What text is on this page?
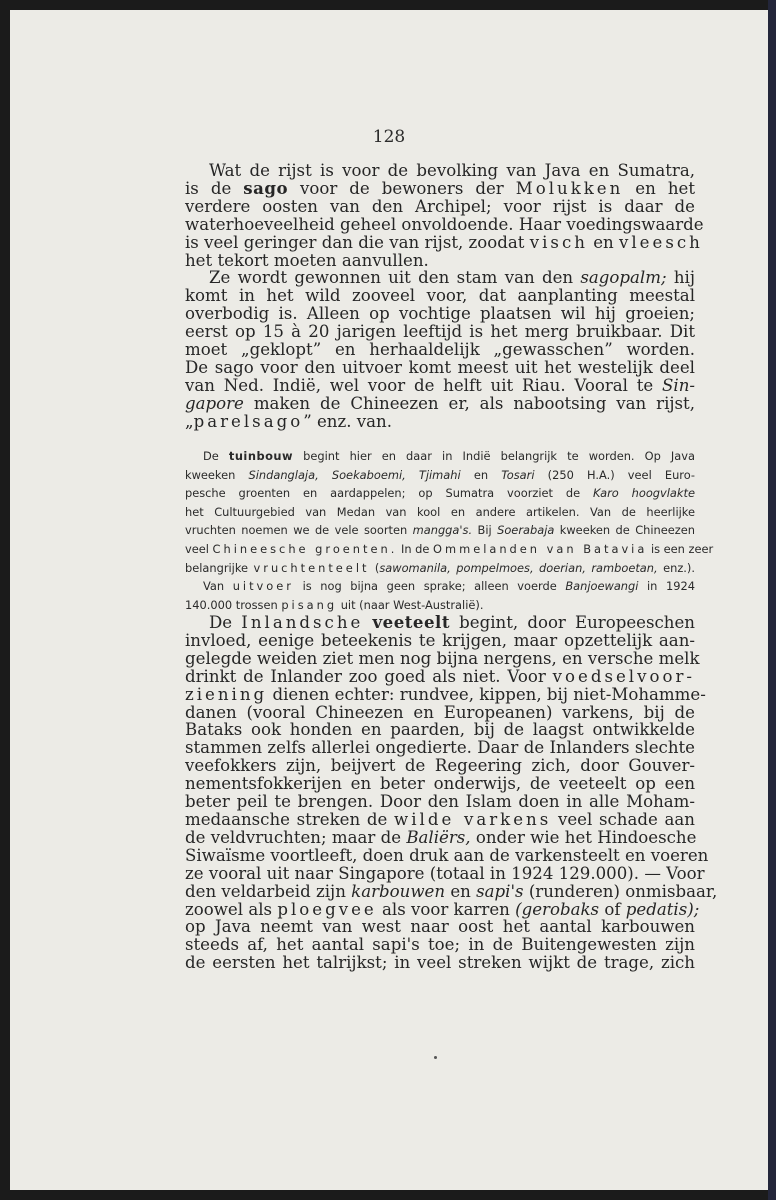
128
Wat de rijst is voor de bevolking van Java en Sumatra,
is de sago voor de bewoners der Molukken en het
verdere oosten van den Archipel; voor rijst is daar de
waterhoeveelheid geheel onvoldoende. Haar voedingswaarde
is veel geringer dan die van rijst, zoodat visch en vleesch
het tekort moeten aanvullen.
Ze wordt gewonnen uit den stam van den sagopalm; hij
komt in het wild zooveel voor, dat aanplanting meestal
overbodig is. Alleen op vochtige plaatsen wil hij groeien;
eerst op 15 à 20 jarigen leeftijd is het merg bruikbaar. Dit
moet „geklopt” en herhaaldelijk „gewasschen” worden.
De sago voor den uitvoer komt meest uit het westelijk deel
van Ned. Indië, wel voor de helft uit Riau. Vooral te Sin-
gapore maken de Chineezen er, als nabootsing van rijst,
„parelsago” enz. van.
De tuinbouw begint hier en daar in Indië belangrijk te worden. Op Java
kweeken Sindanglaja, Soekaboemi, Tjimahi en Tosari (250 H.A.) veel Euro-
pesche groenten en aardappelen; op Sumatra voorziet de Karo hoogvlakte
het Cultuurgebied van Medan van kool en andere artikelen. Van de heerlijke
vruchten noemen we de vele soorten mangga's. Bij Soerabaja kweeken de Chineezen
veel Chineesche groenten. In de Ommelanden van Batavia is een zeer
belangrijke vruchtenteelt (sawomanila, pompelmoes, doerian, ramboetan, enz.).
Van uitvoer is nog bijna geen sprake; alleen voerde Banjoewangi in 1924
140.000 trossen pisang uit (naar West-Australië).
De Inlandsche veeteelt begint, door Europeeschen
invloed, eenige beteekenis te krijgen, maar opzettelijk aan-
gelegde weiden ziet men nog bijna nergens, en versche melk
drinkt de Inlander zoo goed als niet. Voor voedselvoor-
ziening dienen echter: rundvee, kippen, bij niet-Mohamme-
danen (vooral Chineezen en Europeanen) varkens, bij de
Bataks ook honden en paarden, bij de laagst ontwikkelde
stammen zelfs allerlei ongedierte. Daar de Inlanders slechte
veefokkers zijn, beijvert de Regeering zich, door Gouver-
nementsfokkerijen en beter onderwijs, de veeteelt op een
beter peil te brengen. Door den Islam doen in alle Moham-
medaansche streken de wilde varkens veel schade aan
de veldvruchten; maar de Baliërs, onder wie het Hindoesche
Siwaïsme voortleeft, doen druk aan de varkensteelt en voeren
ze vooral uit naar Singapore (totaal in 1924 129.000). — Voor
den veldarbeid zijn karbouwen en sapi's (runderen) onmisbaar,
zoowel als ploegvee als voor karren (gerobaks of pedatis);
op Java neemt van west naar oost het aantal karbouwen
steeds af, het aantal sapi's toe; in de Buitengewesten zijn
de eersten het talrijkst; in veel streken wijkt de trage, zich
